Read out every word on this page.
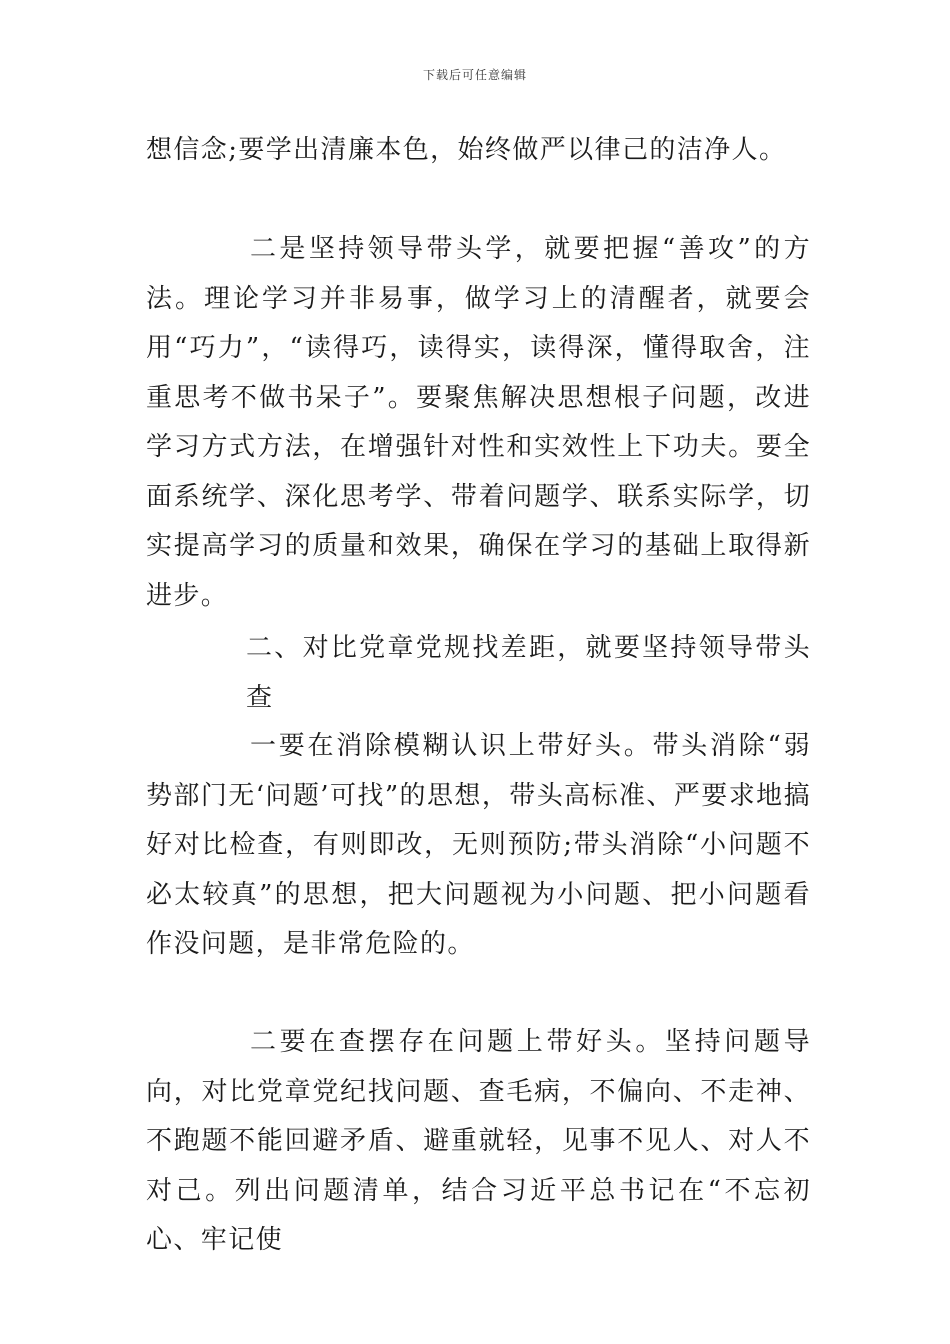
下载后可任意编辑

想信念;要学出清廉本色，始终做严以律己的洁净人。

二是坚持领导带头学，就要把握“善攻”的方法。理论学习并非易事，做学习上的清醒者，就要会用“巧力”，“读得巧，读得实，读得深，懂得取舍，注重思考不做书呆子”。要聚焦解决思想根子问题，改进学习方式方法，在增强针对性和实效性上下功夫。要全面系统学、深化思考学、带着问题学、联系实际学，切实提高学习的质量和效果，确保在学习的基础上取得新进步。

二、对比党章党规找差距，就要坚持领导带头查

一要在消除模糊认识上带好头。带头消除“弱势部门无‘问题’可找”的思想，带头高标准、严要求地搞好对比检查，有则即改，无则预防;带头消除“小问题不必太较真”的思想，把大问题视为小问题、把小问题看作没问题，是非常危险的。

二要在查摆存在问题上带好头。坚持问题导向，对比党章党纪找问题、查毛病，不偏向、不走神、不跑题不能回避矛盾、避重就轻，见事不见人、对人不对己。列出问题清单，结合习近平总书记在“不忘初心、牢记使
